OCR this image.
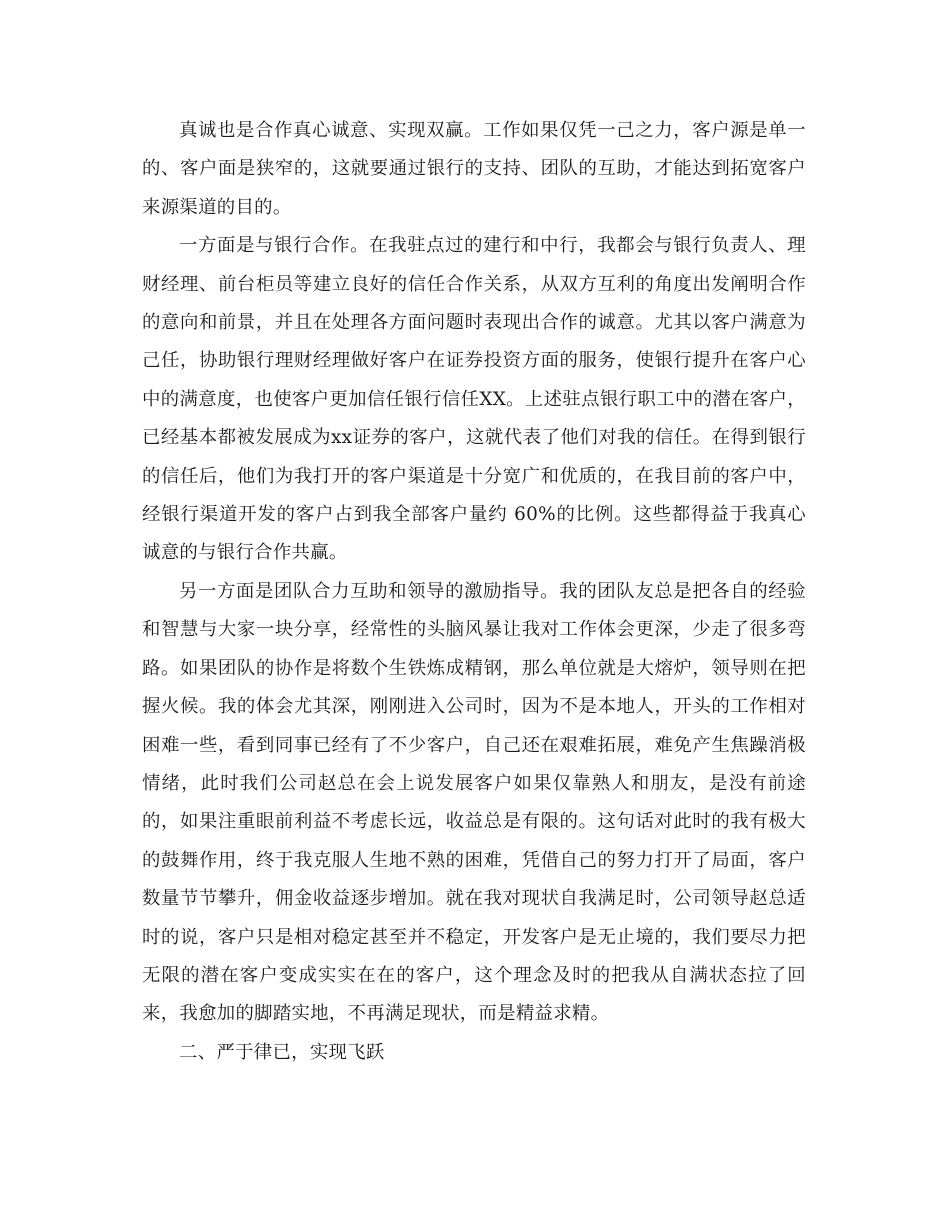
真诚也是合作真心诚意、实现双赢。工作如果仅凭一己之力，客户源是单一的、客户面是狭窄的，这就要通过银行的支持、团队的互助，才能达到拓宽客户来源渠道的目的。

一方面是与银行合作。在我驻点过的建行和中行，我都会与银行负责人、理财经理、前台柜员等建立良好的信任合作关系，从双方互利的角度出发阐明合作的意向和前景，并且在处理各方面问题时表现出合作的诚意。尤其以客户满意为己任，协助银行理财经理做好客户在证券投资方面的服务，使银行提升在客户心中的满意度，也使客户更加信任银行信任XX。上述驻点银行职工中的潜在客户，已经基本都被发展成为xx证券的客户，这就代表了他们对我的信任。在得到银行的信任后，他们为我打开的客户渠道是十分宽广和优质的，在我目前的客户中，经银行渠道开发的客户占到我全部客户量约 60%的比例。这些都得益于我真心诚意的与银行合作共赢。

另一方面是团队合力互助和领导的激励指导。我的团队友总是把各自的经验和智慧与大家一块分享，经常性的头脑风暴让我对工作体会更深，少走了很多弯路。如果团队的协作是将数个生铁炼成精钢，那么单位就是大熔炉，领导则在把握火候。我的体会尤其深，刚刚进入公司时，因为不是本地人，开头的工作相对困难一些，看到同事已经有了不少客户，自己还在艰难拓展，难免产生焦躁消极情绪，此时我们公司赵总在会上说发展客户如果仅靠熟人和朋友，是没有前途的，如果注重眼前利益不考虑长远，收益总是有限的。这句话对此时的我有极大的鼓舞作用，终于我克服人生地不熟的困难，凭借自己的努力打开了局面，客户数量节节攀升，佣金收益逐步增加。就在我对现状自我满足时，公司领导赵总适时的说，客户只是相对稳定甚至并不稳定，开发客户是无止境的，我们要尽力把无限的潜在客户变成实实在在的客户，这个理念及时的把我从自满状态拉了回来，我愈加的脚踏实地，不再满足现状，而是精益求精。

二、严于律已，实现飞跃
